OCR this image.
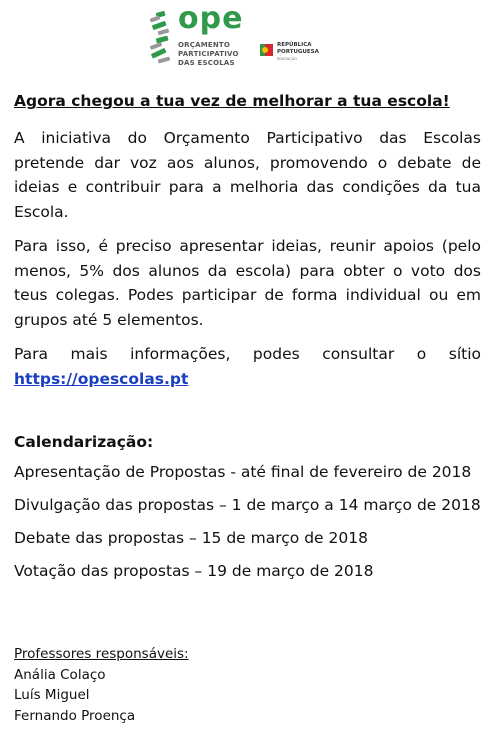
ope
ORÇAMENTO
PARTICIPATIVO
DAS ESCOLAS
REPÚBLICA
PORTUGUESA
EDUCAÇÃO
Agora chegou a tua vez de melhorar a tua escola!

A iniciativa do Orçamento Participativo das Escolas pretende dar voz aos alunos, promovendo o debate de ideias e contribuir para a melhoria das condições da tua Escola.

Para isso, é preciso apresentar ideias, reunir apoios (pelo menos, 5% dos alunos da escola) para obter o voto dos teus colegas. Podes participar de forma individual ou em grupos até 5 elementos.

Para mais informações, podes consultar o sítio https://opescolas.pt

Calendarização:
Apresentação de Propostas - até final de fevereiro de 2018
Divulgação das propostas – 1 de março a 14 março de 2018
Debate das propostas – 15 de março de 2018
Votação das propostas – 19 de março de 2018
Professores responsáveis:
Anália Colaço
Luís Miguel
Fernando Proença
